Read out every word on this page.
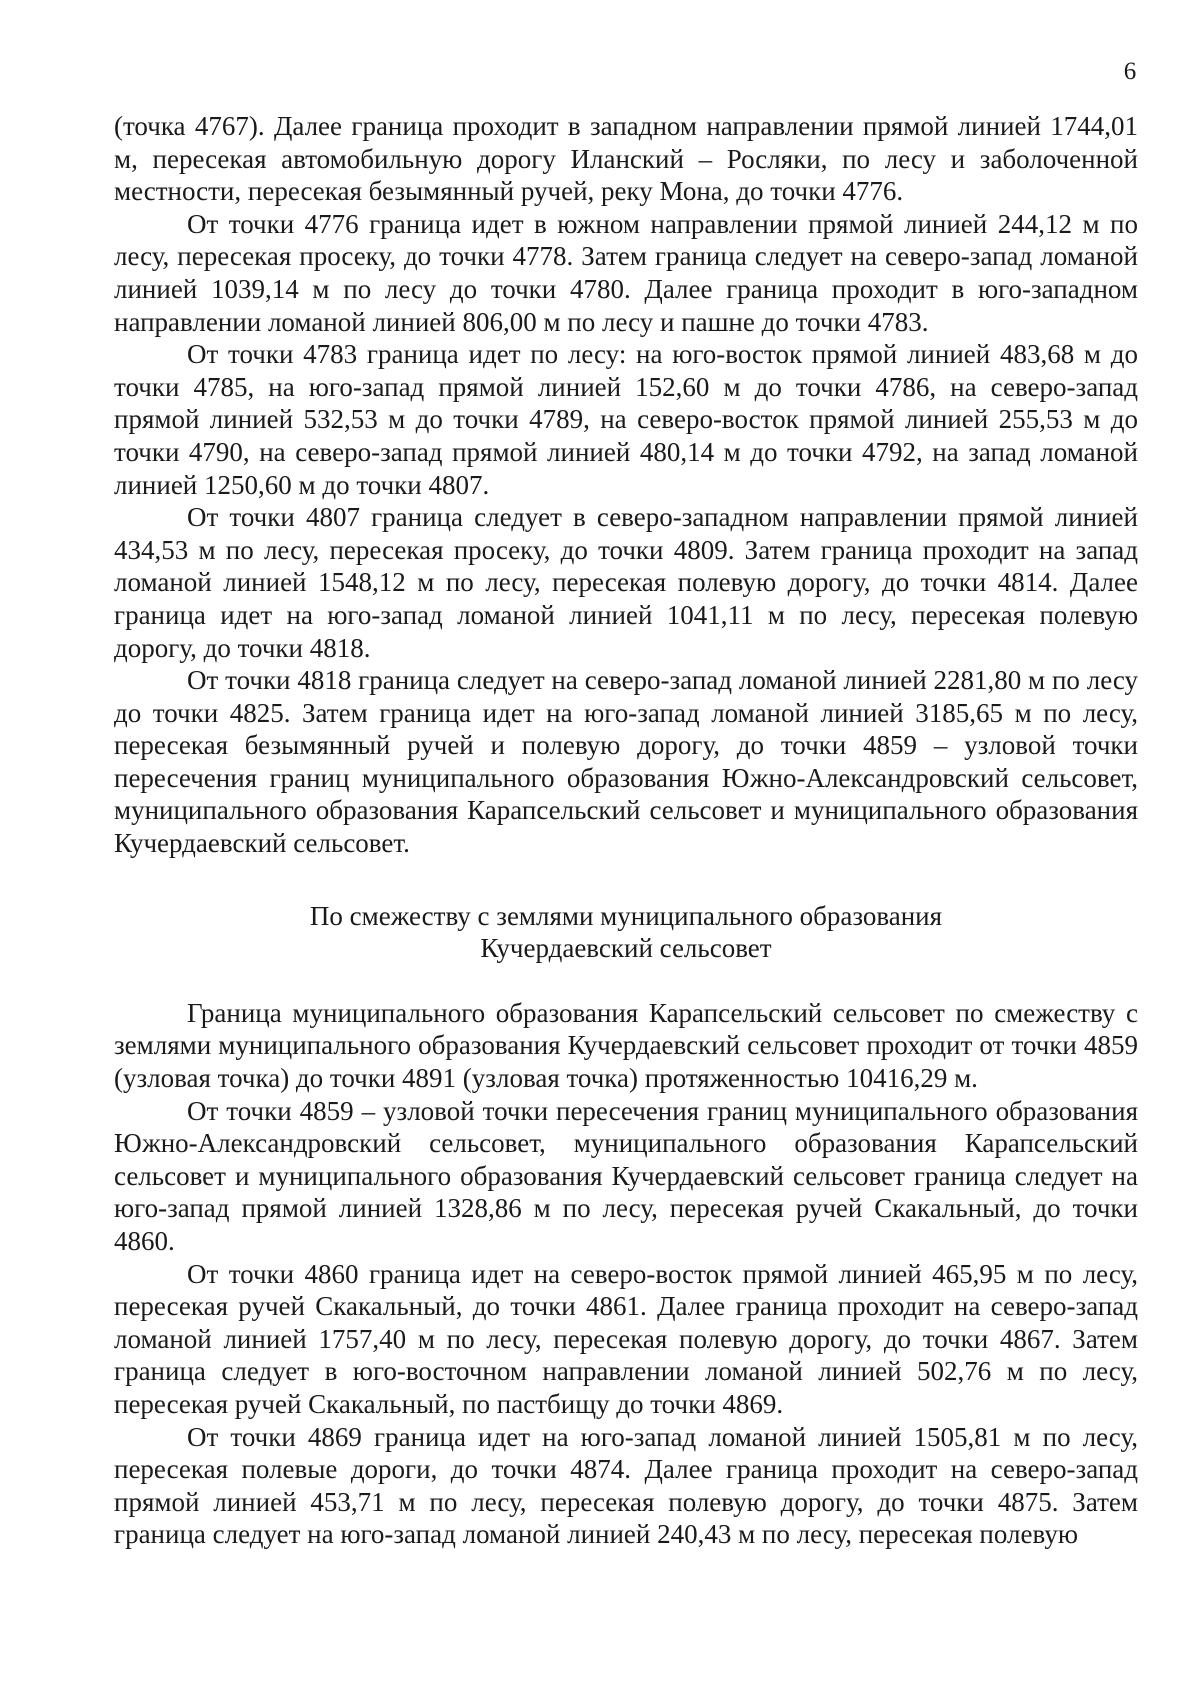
6

(точка 4767). Далее граница проходит в западном направлении прямой линией 1744,01 м, пересекая автомобильную дорогу Иланский – Росляки, по лесу и заболоченной местности, пересекая безымянный ручей, реку Мона, до точки 4776.

От точки 4776 граница идет в южном направлении прямой линией 244,12 м по лесу, пересекая просеку, до точки 4778. Затем граница следует на северо-запад ломаной линией 1039,14 м по лесу до точки 4780. Далее граница проходит в юго-западном направлении ломаной линией 806,00 м по лесу и пашне до точки 4783.

От точки 4783 граница идет по лесу: на юго-восток прямой линией 483,68 м до точки 4785, на юго-запад прямой линией 152,60 м до точки 4786, на северо-запад прямой линией 532,53 м до точки 4789, на северо-восток прямой линией 255,53 м до точки 4790, на северо-запад прямой линией 480,14 м до точки 4792, на запад ломаной линией 1250,60 м до точки 4807.

От точки 4807 граница следует в северо-западном направлении прямой линией 434,53 м по лесу, пересекая просеку, до точки 4809. Затем граница проходит на запад ломаной линией 1548,12 м по лесу, пересекая полевую дорогу, до точки 4814. Далее граница идет на юго-запад ломаной линией 1041,11 м по лесу, пересекая полевую дорогу, до точки 4818.

От точки 4818 граница следует на северо-запад ломаной линией 2281,80 м по лесу до точки 4825. Затем граница идет на юго-запад ломаной линией 3185,65 м по лесу, пересекая безымянный ручей и полевую дорогу, до точки 4859 – узловой точки пересечения границ муниципального образования Южно-Александровский сельсовет, муниципального образования Карапсельский сельсовет и муниципального образования Кучердаевский сельсовет.

По смежеству с землями муниципального образования
Кучердаевский сельсовет

Граница муниципального образования Карапсельский сельсовет по смежеству с землями муниципального образования Кучердаевский сельсовет проходит от точки 4859 (узловая точка) до точки 4891 (узловая точка) протяженностью 10416,29 м.

От точки 4859 – узловой точки пересечения границ муниципального образования Южно-Александровский сельсовет, муниципального образования Карапсельский сельсовет и муниципального образования Кучердаевский сельсовет граница следует на юго-запад прямой линией 1328,86 м по лесу, пересекая ручей Скакальный, до точки 4860.

От точки 4860 граница идет на северо-восток прямой линией 465,95 м по лесу, пересекая ручей Скакальный, до точки 4861. Далее граница проходит на северо-запад ломаной линией 1757,40 м по лесу, пересекая полевую дорогу, до точки 4867. Затем граница следует в юго-восточном направлении ломаной линией 502,76 м по лесу, пересекая ручей Скакальный, по пастбищу до точки 4869.

От точки 4869 граница идет на юго-запад ломаной линией 1505,81 м по лесу, пересекая полевые дороги, до точки 4874. Далее граница проходит на северо-запад прямой линией 453,71 м по лесу, пересекая полевую дорогу, до точки 4875. Затем граница следует на юго-запад ломаной линией 240,43 м по лесу, пересекая полевую
